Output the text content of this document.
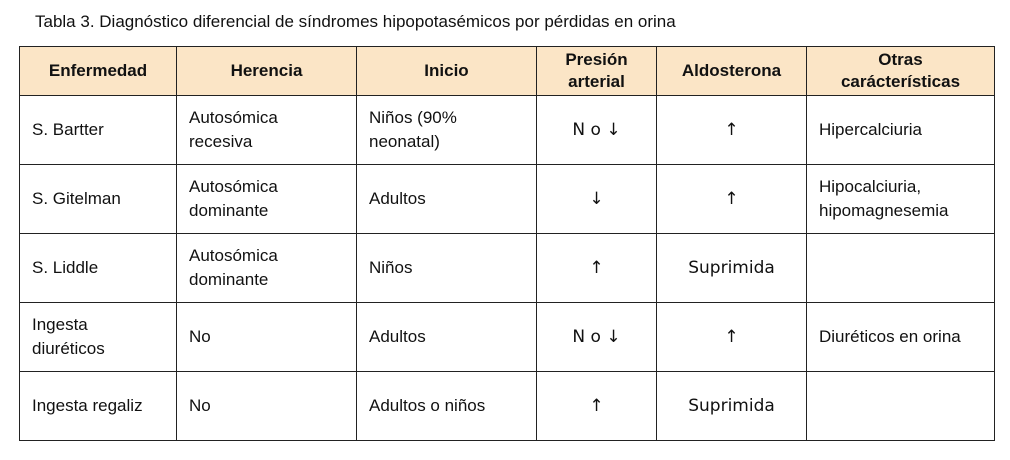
Tabla 3. Diagnóstico diferencial de síndromes hipopotasémicos por pérdidas en orina
Enfermedad	Herencia	Inicio	Presión arterial	Aldosterona	Otras carácterísticas
S. Bartter	Autosómica recesiva	Niños (90% neonatal)	N o ↓	↑	Hipercalciuria
S. Gitelman	Autosómica dominante	Adultos	↓	↑	Hipocalciuria, hipomagnesemia
S. Liddle	Autosómica dominante	Niños	↑	Suprimida	
Ingesta diuréticos	No	Adultos	N o ↓	↑	Diuréticos en orina
Ingesta regaliz	No	Adultos o niños	↑	Suprimida	
